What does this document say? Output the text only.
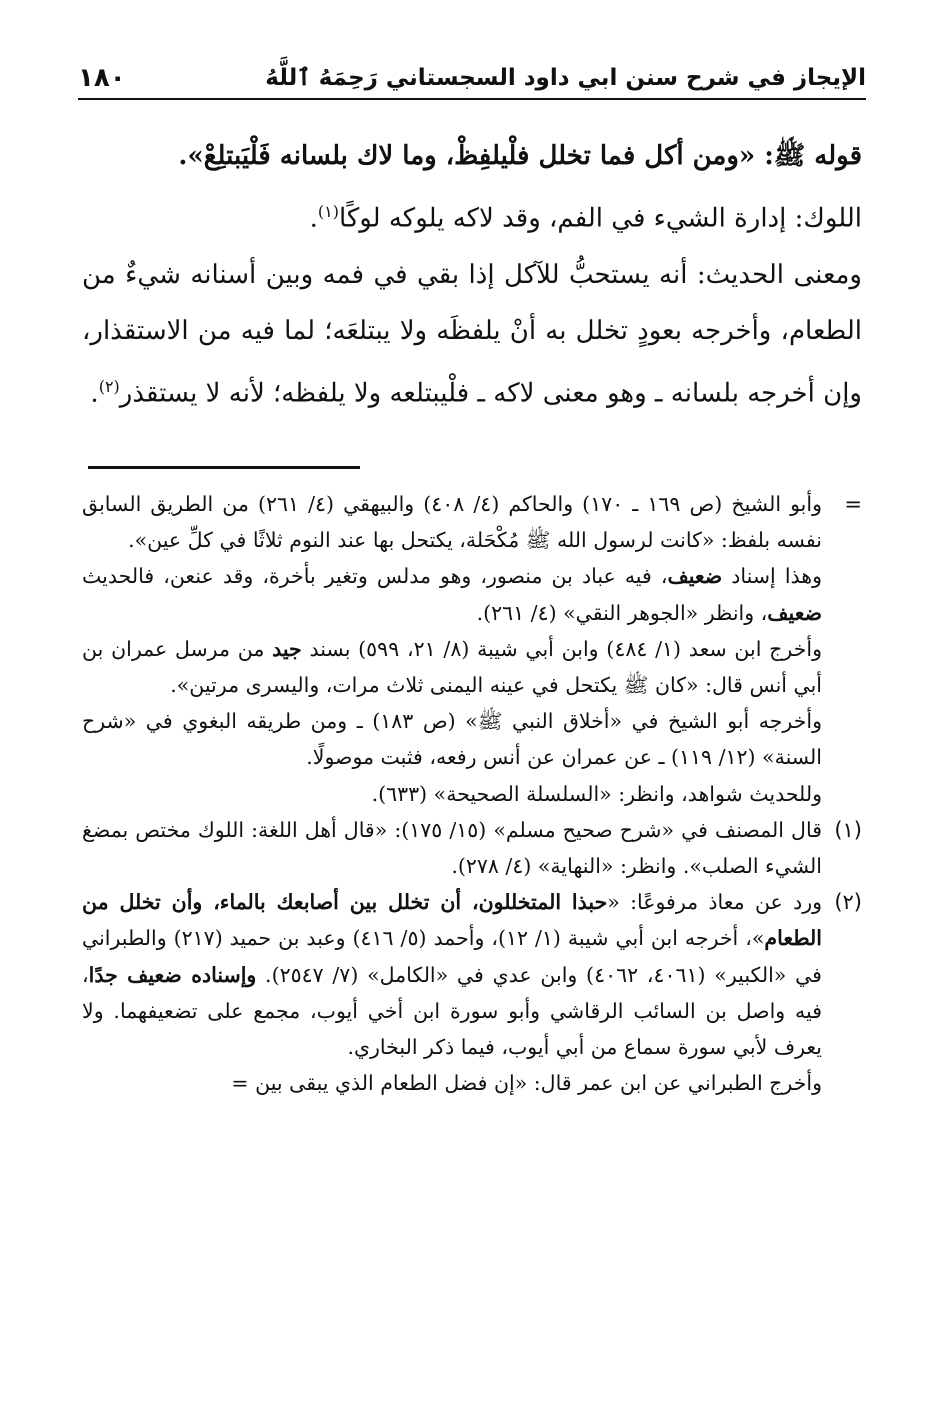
الإيجاز في شرح سنن ابي داود السجستاني رَحِمَهُ ٱللَّهُ
١٨٠

قوله ﷺ: «ومن أكل فما تخلل فلْيلفِظْ، وما لاك بلسانه فَلْيَبتلِعْ».

اللوك: إدارة الشيء في الفم، وقد لاكه يلوكه لوكًا$^{(١)}$.

ومعنى الحديث: أنه يستحبُّ للآكل إذا بقي في فمه وبين أسنانه شيءٌ من الطعام، وأخرجه بعودٍ تخلل به أنْ يلفظَه ولا يبتلعَه؛ لما فيه من الاستقذار، وإن أخرجه بلسانه ـ وهو معنى لاكه ـ فلْيبتلعه ولا يلفظه؛ لأنه لا يستقذر$^{(٢)}$.

=
وأبو الشيخ (ص ١٦٩ ـ ١٧٠) والحاكم (٤/ ٤٠٨) والبيهقي (٤/ ٢٦١) من الطريق السابق نفسه بلفظ: «كانت لرسول الله ﷺ مُكْحَلة، يكتحل بها عند النوم ثلاثًا في كلِّ عين».
وهذا إسناد ضعيف، فيه عباد بن منصور، وهو مدلس وتغير بأخرة، وقد عنعن، فالحديث ضعيف، وانظر «الجوهر النقي» (٤/ ٢٦١).
وأخرج ابن سعد (١/ ٤٨٤) وابن أبي شيبة (٨/ ٢١، ٥٩٩) بسند جيد من مرسل عمران بن أبي أنس قال: «كان ﷺ يكتحل في عينه اليمنى ثلاث مرات، واليسرى مرتين».
وأخرجه أبو الشيخ في «أخلاق النبي ﷺ» (ص ١٨٣) ـ ومن طريقه البغوي في «شرح السنة» (١٢/ ١١٩) ـ عن عمران عن أنس رفعه، فثبت موصولًا.
وللحديث شواهد، وانظر: «السلسلة الصحيحة» (٦٣٣).
(١)
قال المصنف في «شرح صحيح مسلم» (١٥/ ١٧٥): «قال أهل اللغة: اللوك مختص بمضغ الشيء الصلب». وانظر: «النهاية» (٤/ ٢٧٨).
(٢)
ورد عن معاذ مرفوعًا: «حبذا المتخللون، أن تخلل بين أصابعك بالماء، وأن تخلل من الطعام»، أخرجه ابن أبي شيبة (١/ ١٢)، وأحمد (٥/ ٤١٦) وعبد بن حميد (٢١٧) والطبراني في «الكبير» (٤٠٦١، ٤٠٦٢) وابن عدي في «الكامل» (٧/ ٢٥٤٧). وإسناده ضعيف جدًا، فيه واصل بن السائب الرقاشي وأبو سورة ابن أخي أيوب، مجمع على تضعيفهما. ولا يعرف لأبي سورة سماع من أبي أيوب، فيما ذكر البخاري.
وأخرج الطبراني عن ابن عمر قال: «إن فضل الطعام الذي يبقى بين =
